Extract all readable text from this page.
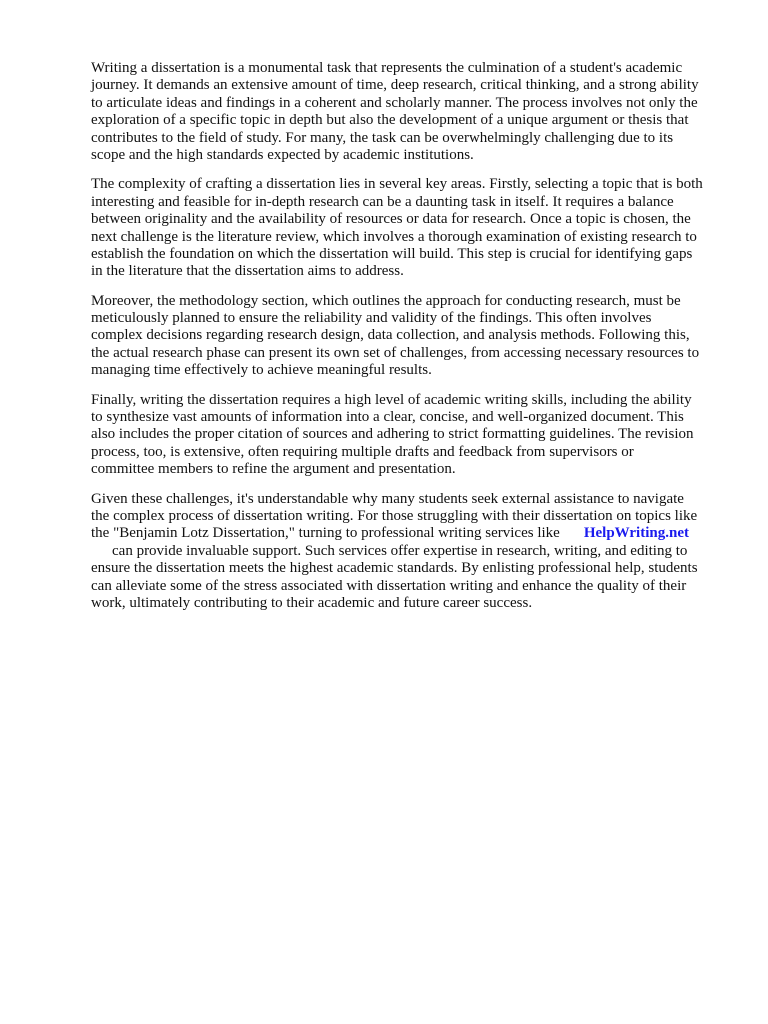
Writing a dissertation is a monumental task that represents the culmination of a student's academic
journey. It demands an extensive amount of time, deep research, critical thinking, and a strong ability
to articulate ideas and findings in a coherent and scholarly manner. The process involves not only the
exploration of a specific topic in depth but also the development of a unique argument or thesis that
contributes to the field of study. For many, the task can be overwhelmingly challenging due to its
scope and the high standards expected by academic institutions.

The complexity of crafting a dissertation lies in several key areas. Firstly, selecting a topic that is both
interesting and feasible for in-depth research can be a daunting task in itself. It requires a balance
between originality and the availability of resources or data for research. Once a topic is chosen, the
next challenge is the literature review, which involves a thorough examination of existing research to
establish the foundation on which the dissertation will build. This step is crucial for identifying gaps
in the literature that the dissertation aims to address.

Moreover, the methodology section, which outlines the approach for conducting research, must be
meticulously planned to ensure the reliability and validity of the findings. This often involves
complex decisions regarding research design, data collection, and analysis methods. Following this,
the actual research phase can present its own set of challenges, from accessing necessary resources to
managing time effectively to achieve meaningful results.

Finally, writing the dissertation requires a high level of academic writing skills, including the ability
to synthesize vast amounts of information into a clear, concise, and well-organized document. This
also includes the proper citation of sources and adhering to strict formatting guidelines. The revision
process, too, is extensive, often requiring multiple drafts and feedback from supervisors or
committee members to refine the argument and presentation.

Given these challenges, it's understandable why many students seek external assistance to navigate
the complex process of dissertation writing. For those struggling with their dissertation on topics like
the "Benjamin Lotz Dissertation," turning to professional writing services like HelpWriting.net
can provide invaluable support. Such services offer expertise in research, writing, and editing to
ensure the dissertation meets the highest academic standards. By enlisting professional help, students
can alleviate some of the stress associated with dissertation writing and enhance the quality of their
work, ultimately contributing to their academic and future career success.
